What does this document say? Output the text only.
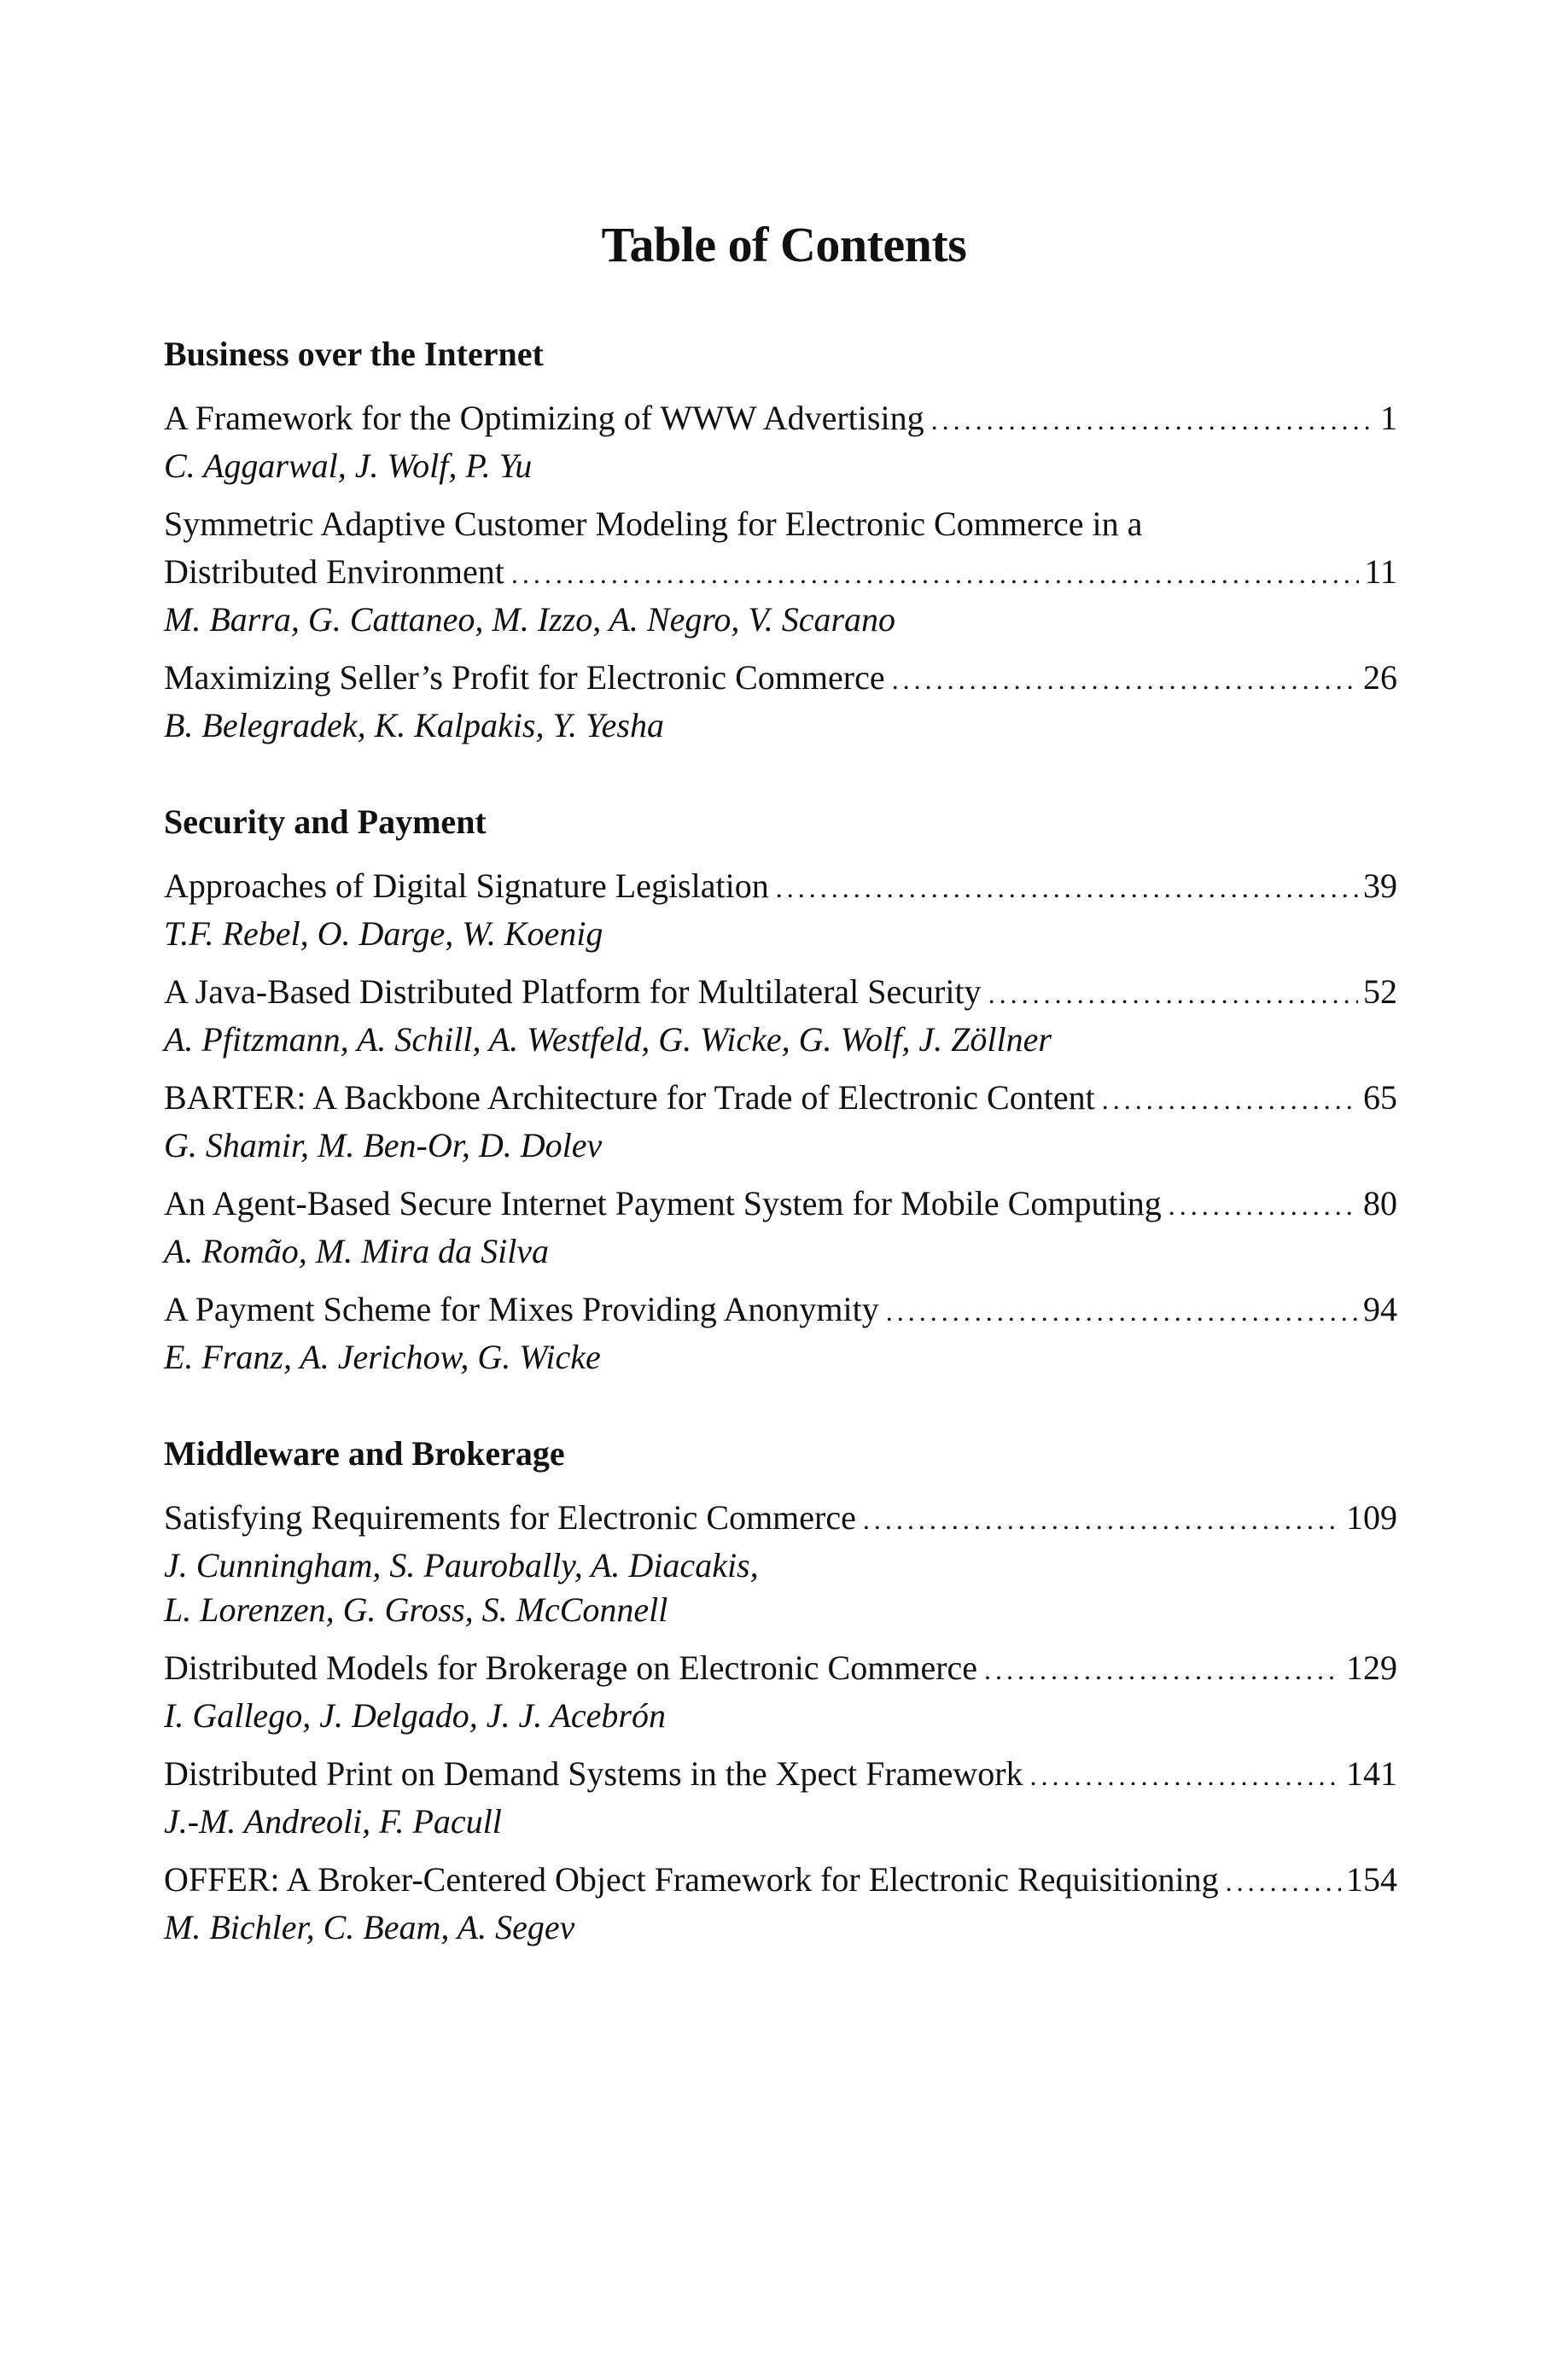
Table of Contents
Business over the Internet
A Framework for the Optimizing of WWW Advertising .....	1
C. Aggarwal, J. Wolf, P. Yu
Symmetric Adaptive Customer Modeling for Electronic Commerce in a
Distributed Environment .....	11
M. Barra, G. Cattaneo, M. Izzo, A. Negro, V. Scarano
Maximizing Seller’s Profit for Electronic Commerce .....	26
B. Belegradek, K. Kalpakis, Y. Yesha
Security and Payment
Approaches of Digital Signature Legislation .....	39
T.F. Rebel, O. Darge, W. Koenig
A Java-Based Distributed Platform for Multilateral Security .....	52
A. Pfitzmann, A. Schill, A. Westfeld, G. Wicke, G. Wolf, J. Zöllner
BARTER: A Backbone Architecture for Trade of Electronic Content .....	65
G. Shamir, M. Ben-Or, D. Dolev
An Agent-Based Secure Internet Payment System for Mobile Computing .....	80
A. Romão, M. Mira da Silva
A Payment Scheme for Mixes Providing Anonymity .....	94
E. Franz, A. Jerichow, G. Wicke
Middleware and Brokerage
Satisfying Requirements for Electronic Commerce .....	109
J. Cunningham, S. Paurobally, A. Diacakis,
L. Lorenzen, G. Gross, S. McConnell
Distributed Models for Brokerage on Electronic Commerce .....	129
I. Gallego, J. Delgado, J. J. Acebrón
Distributed Print on Demand Systems in the Xpect Framework .....	141
J.-M. Andreoli, F. Pacull
OFFER: A Broker-Centered Object Framework for Electronic Requisitioning .....	154
M. Bichler, C. Beam, A. Segev
